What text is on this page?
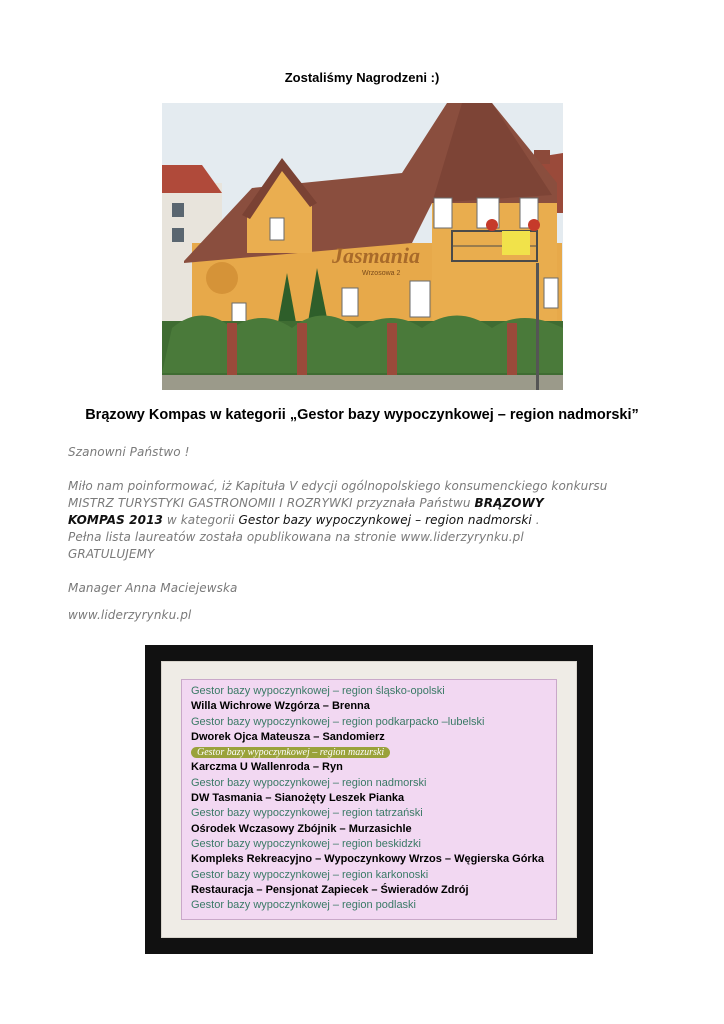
Zostaliśmy Nagrodzeni :)
Jasmania
Wrzosowa 2
Brązowy Kompas w kategorii „Gestor bazy wypoczynkowej – region nadmorski”
Szanowni Państwo !
Miło nam poinformować, iż Kapituła V edycji ogólnopolskiego konsumenckiego konkursu
MISTRZ TURYSTYKI GASTRONOMII I ROZRYWKI przyznała Państwu BRĄZOWY
KOMPAS 2013 w kategorii Gestor bazy wypoczynkowej – region nadmorski .
Pełna lista laureatów została opublikowana na stronie www.liderzyrynku.pl
GRATULUJEMY
Manager Anna Maciejewska
www.liderzyrynku.pl
Gestor bazy wypoczynkowej – region śląsko-opolski
Willa Wichrowe Wzgórza – Brenna
Gestor bazy wypoczynkowej – region podkarpacko –lubelski
Dworek Ojca Mateusza – Sandomierz
Gestor bazy wypoczynkowej – region mazurski
Karczma U Wallenroda – Ryn
Gestor bazy wypoczynkowej – region nadmorski
DW Tasmania – Sianożęty Leszek Pianka
Gestor bazy wypoczynkowej – region tatrzański
Ośrodek Wczasowy Zbójnik – Murzasichle
Gestor bazy wypoczynkowej – region beskidzki
Kompleks Rekreacyjno – Wypoczynkowy Wrzos – Węgierska Górka
Gestor bazy wypoczynkowej – region karkonoski
Restauracja – Pensjonat Zapiecek – Świeradów Zdrój
Gestor bazy wypoczynkowej – region podlaski
